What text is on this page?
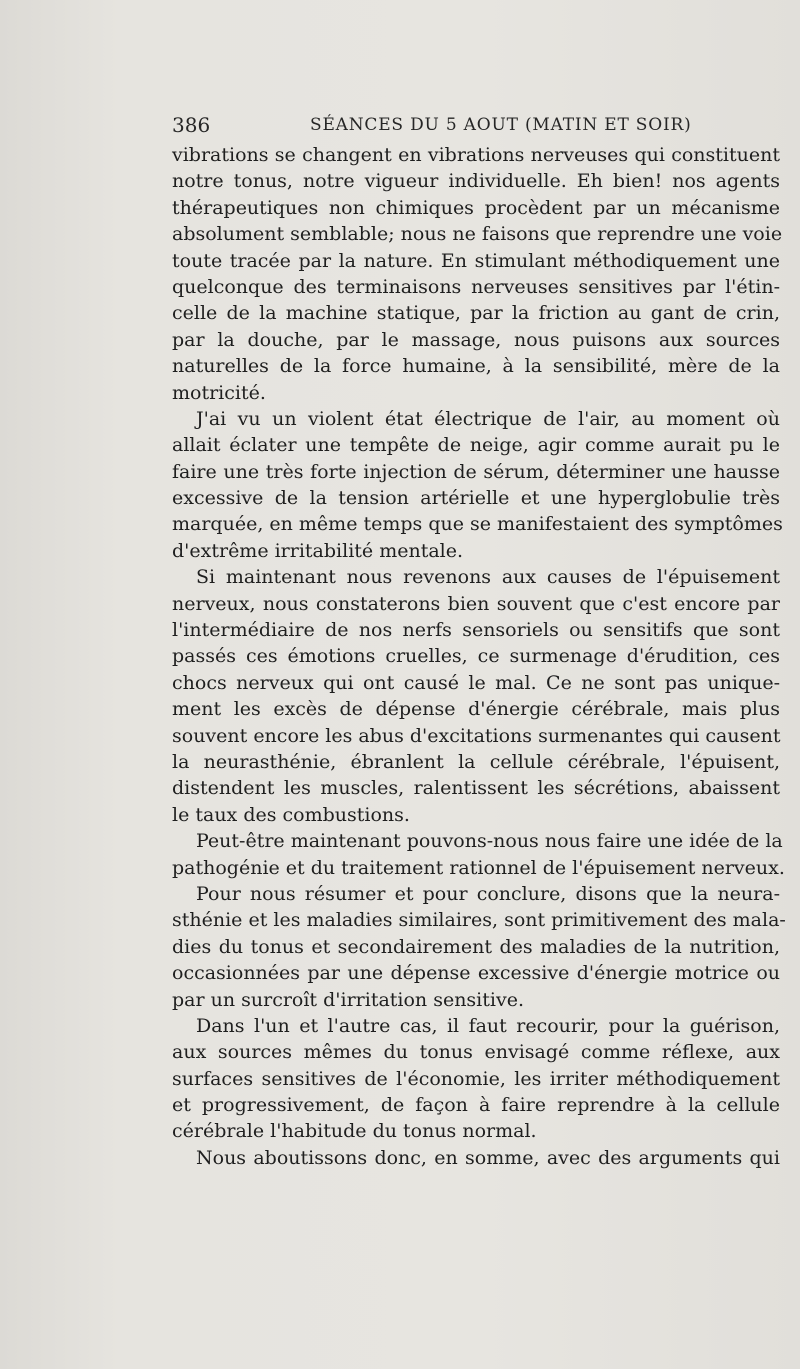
386	SÉANCES DU 5 AOUT (MATIN ET SOIR)
vibrations se changent en vibrations nerveuses qui constituent
notre tonus, notre vigueur individuelle. Eh bien! nos agents
thérapeutiques non chimiques procèdent par un mécanisme
absolument semblable; nous ne faisons que reprendre une voie
toute tracée par la nature. En stimulant méthodiquement une
quelconque des terminaisons nerveuses sensitives par l'étin-
celle de la machine statique, par la friction au gant de crin,
par la douche, par le massage, nous puisons aux sources
naturelles de la force humaine, à la sensibilité, mère de la
motricité.
J'ai vu un violent état électrique de l'air, au moment où
allait éclater une tempête de neige, agir comme aurait pu le
faire une très forte injection de sérum, déterminer une hausse
excessive de la tension artérielle et une hyperglobulie très
marquée, en même temps que se manifestaient des symptômes
d'extrême irritabilité mentale.
Si maintenant nous revenons aux causes de l'épuisement
nerveux, nous constaterons bien souvent que c'est encore par
l'intermédiaire de nos nerfs sensoriels ou sensitifs que sont
passés ces émotions cruelles, ce surmenage d'érudition, ces
chocs nerveux qui ont causé le mal. Ce ne sont pas unique-
ment les excès de dépense d'énergie cérébrale, mais plus
souvent encore les abus d'excitations surmenantes qui causent
la neurasthénie, ébranlent la cellule cérébrale, l'épuisent,
distendent les muscles, ralentissent les sécrétions, abaissent
le taux des combustions.
Peut-être maintenant pouvons-nous nous faire une idée de la
pathogénie et du traitement rationnel de l'épuisement nerveux.
Pour nous résumer et pour conclure, disons que la neura-
sthénie et les maladies similaires, sont primitivement des mala-
dies du tonus et secondairement des maladies de la nutrition,
occasionnées par une dépense excessive d'énergie motrice ou
par un surcroît d'irritation sensitive.
Dans l'un et l'autre cas, il faut recourir, pour la guérison,
aux sources mêmes du tonus envisagé comme réflexe, aux
surfaces sensitives de l'économie, les irriter méthodiquement
et progressivement, de façon à faire reprendre à la cellule
cérébrale l'habitude du tonus normal.
Nous aboutissons donc, en somme, avec des arguments qui
